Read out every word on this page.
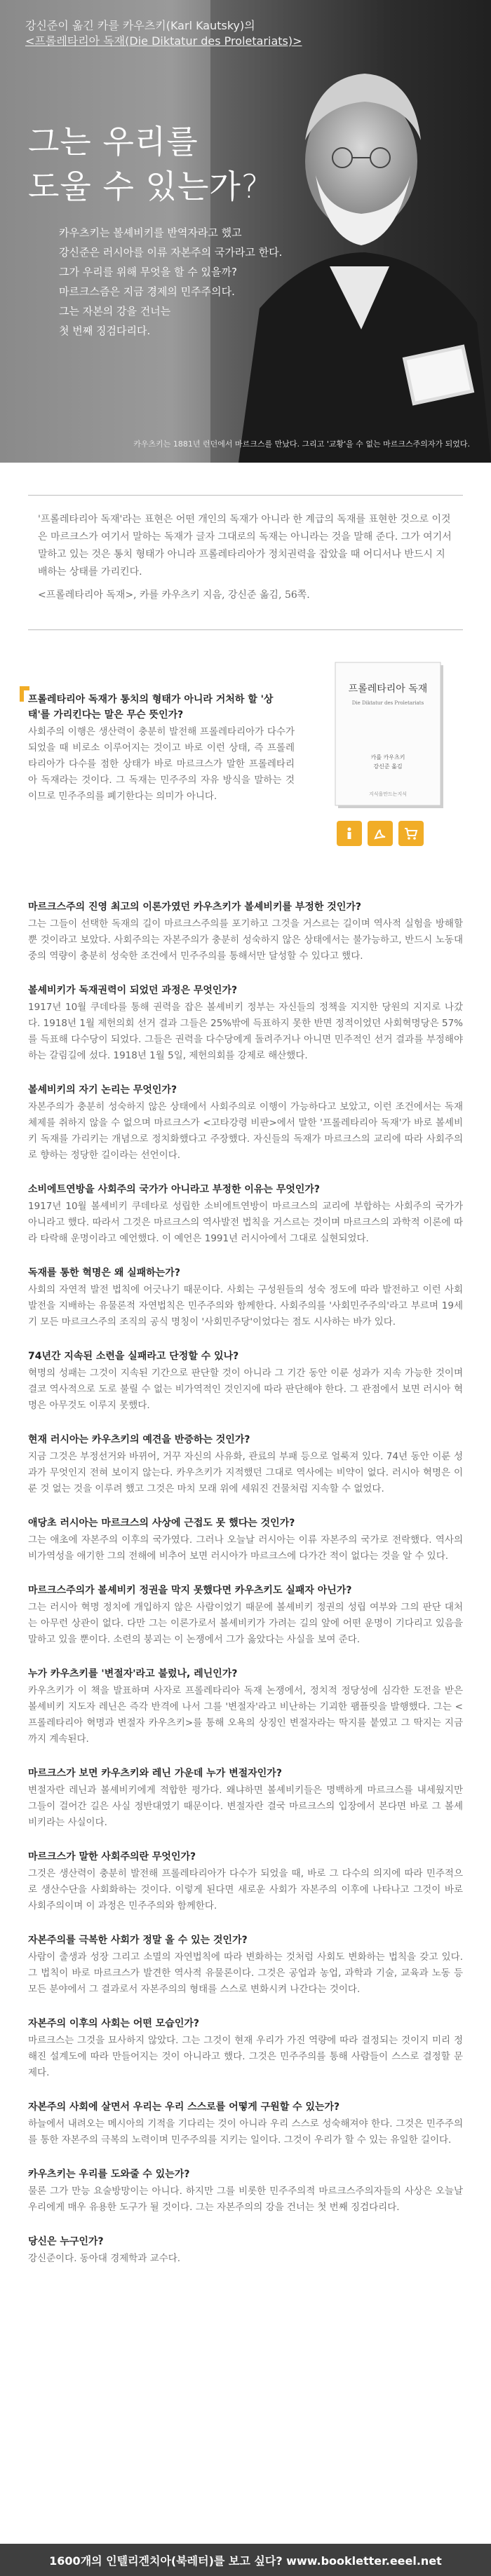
강신준이 옮긴 카를 카우츠키(Karl Kautsky)의
<프롤레타리아 독재(Die Diktatur des Proletariats)>
그는 우리를
도울 수 있는가?
카우츠키는 볼셰비키를 반역자라고 했고
강신준은 러시아를 이류 자본주의 국가라고 한다.
그가 우리를 위해 무엇을 할 수 있을까?
마르크스즘은 지금 경제의 민주주의다.
그는 자본의 강을 건너는
첫 번째 징검다리다.
카우츠키는 1881년 런던에서 마르크스를 만났다. 그리고 '교황'을 수 없는 마르크스주의자가 되었다.

'프롤레타리아 독재'라는 표현은 어떤 개인의 독재가 아니라 한 계급의 독재를 표현한 것으로 이것은 마르크스가 여기서 말하는 독재가 글자 그대로의 독재는 아니라는 것을 말해 준다. 그가 여기서 말하고 있는 것은 통치 형태가 아니라 프롤레타리아가 정치권력을 잡았을 때 어디서나 반드시 지배하는 상태를 가리킨다.

<프롤레타리아 독재>, 카를 카우츠키 지음, 강신준 옮김, 56쪽.

프롤레타리아 독재가 통치의 형태가 아니라 거처하 할 '상태'를 가리킨다는 말은 무슨 뜻인가?
사회주의 이행은 생산력이 충분히 발전해 프롤레타리아가 다수가 되었을 때 비로소 이루어지는 것이고 바로 이런 상태, 즉 프롤레타리아가 다수를 점한 상태가 바로 마르크스가 말한 프롤레타리아 독재라는 것이다. 그 독재는 민주주의 자유 방식을 말하는 것이므로 민주주의를 폐기한다는 의미가 아니다.
프롤레타리아 독재
Die Diktatur des Proletariats
카를 카우츠키
강신준 옮김
지식을만드는지식
마르크스주의 진영 최고의 이론가였던 카우츠키가 볼셰비키를 부정한 것인가?
그는 그들이 선택한 독재의 길이 마르크스주의를 포기하고 그것을 거스르는 길이며 역사적 실험을 방해할 뿐 것이라고 보았다. 사회주의는 자본주의가 충분히 성숙하지 않은 상태에서는 불가능하고, 반드시 노동대중의 역량이 충분히 성숙한 조건에서 민주주의를 통해서만 달성할 수 있다고 했다.
볼셰비키가 독재권력이 되었던 과정은 무엇인가?
1917년 10월 쿠데타를 통해 권력을 잡은 볼셰비키 정부는 자신들의 정책을 지지한 당원의 지지로 나갔다. 1918년 1월 제헌의회 선거 결과 그들은 25%밖에 득표하지 못한 반면 정적이었던 사회혁명당은 57%를 득표해 다수당이 되었다. 그들은 권력을 다수당에게 돌려주거나 아니면 민주적인 선거 결과를 부정해야 하는 갈림길에 섰다. 1918년 1월 5일, 제헌의회를 강제로 해산했다.
볼셰비키의 자기 논리는 무엇인가?
자본주의가 충분히 성숙하지 않은 상태에서 사회주의로 이행이 가능하다고 보았고, 이런 조건에서는 독재 체제를 취하지 않을 수 없으며 마르크스가 <고타강령 비판>에서 말한 '프롤레타리아 독재'가 바로 볼셰비키 독재를 가리키는 개념으로 정치화했다고 주장했다. 자신들의 독재가 마르크스의 교리에 따라 사회주의로 향하는 정당한 길이라는 선언이다.
소비에트연방을 사회주의 국가가 아니라고 부정한 이유는 무엇인가?
1917년 10월 볼셰비키 쿠데타로 성립한 소비에트연방이 마르크스의 교리에 부합하는 사회주의 국가가 아니라고 했다. 따라서 그것은 마르크스의 역사발전 법칙을 거스르는 것이며 마르크스의 과학적 이론에 따라 타락해 운명이라고 예언했다. 이 예언은 1991년 러시아에서 그대로 실현되었다.
독재를 통한 혁명은 왜 실패하는가?
사회의 자연적 발전 법칙에 어긋나기 때문이다. 사회는 구성원들의 성숙 정도에 따라 발전하고 이런 사회 발전을 지배하는 유물론적 자연법칙은 민주주의와 함께한다. 사회주의를 '사회민주주의'라고 부르며 19세기 모든 마르크스주의 조직의 공식 명칭이 '사회민주당'이었다는 점도 시사하는 바가 있다.
74년간 지속된 소련을 실패라고 단정할 수 있나?
혁명의 성패는 그것이 지속된 기간으로 판단할 것이 아니라 그 기간 동안 이룬 성과가 지속 가능한 것이며 결코 역사적으로 도로 불릴 수 없는 비가역적인 것인지에 따라 판단해야 한다. 그 관점에서 보면 러시아 혁명은 아무것도 이루지 못했다.
현재 러시아는 카우츠키의 예견을 반증하는 것인가?
지금 그것은 부정선거와 바뀌어, 거꾸 자신의 사유화, 관료의 부패 등으로 얼룩져 있다. 74년 동안 이룬 성과가 무엇인지 전혀 보이지 않는다. 카우츠키가 지적했던 그대로 역사에는 비약이 없다. 러시아 혁명은 이룬 것 없는 것을 이루려 했고 그것은 마치 모래 위에 세워진 건물처럼 지속할 수 없었다.
애당초 러시아는 마르크스의 사상에 근접도 못 했다는 것인가?
그는 애초에 자본주의 이후의 국가였다. 그러나 오늘날 러시아는 이류 자본주의 국가로 전락했다. 역사의 비가역성을 애기한 그의 전해에 비추어 보면 러시아가 마르크스에 다가간 적이 없다는 것을 알 수 있다.
마르크스주의가 볼셰비키 정권을 막지 못했다면 카우츠키도 실패자 아닌가?
그는 러시아 혁명 정치에 개입하지 않은 사람이었기 때문에 볼셰비키 정권의 성립 여부와 그의 판단 대처는 아무런 상관이 없다. 다만 그는 이론가로서 볼셰비키가 가려는 길의 앞에 어떤 운명이 기다리고 있음을 말하고 있을 뿐이다. 소련의 붕괴는 이 논쟁에서 그가 옳았다는 사실을 보여 준다.
누가 카우츠키를 '변절자'라고 불렀나, 레닌인가?
카우츠키가 이 책을 발표하며 사자로 프롤레타리아 독재 논쟁에서, 정치적 정당성에 심각한 도전을 받은 볼셰비키 지도자 레닌은 즉각 반격에 나서 그를 '변절자'라고 비난하는 기괴한 팸플릿을 발행했다. 그는 <프롤레타리아 혁명과 변절자 카우츠키>를 통해 오욕의 상징인 변절자라는 딱지를 붙였고 그 딱지는 지금까지 계속된다.
마르크스가 보면 카우츠키와 레닌 가운데 누가 변절자인가?
변절자란 레닌과 볼셰비키에게 적합한 평가다. 왜냐하면 볼셰비키들은 명백하게 마르크스를 내세웠지만 그들이 걸어간 길은 사실 정반대였기 때문이다. 변절자란 결국 마르크스의 입장에서 본다면 바로 그 볼셰비키라는 사실이다.
마르크스가 말한 사회주의란 무엇인가?
그것은 생산력이 충분히 발전해 프롤레타리아가 다수가 되었을 때, 바로 그 다수의 의지에 따라 민주적으로 생산수단을 사회화하는 것이다. 이렇게 된다면 새로운 사회가 자본주의 이후에 나타나고 그것이 바로 사회주의이며 이 과정은 민주주의와 함께한다.
자본주의를 극복한 사회가 정말 올 수 있는 것인가?
사람이 출생과 성장 그리고 소멸의 자연법칙에 따라 변화하는 것처럼 사회도 변화하는 법칙을 갖고 있다. 그 법칙이 바로 마르크스가 발견한 역사적 유물론이다. 그것은 공업과 농업, 과학과 기술, 교육과 노동 등 모든 분야에서 그 결과로서 자본주의의 형태를 스스로 변화시켜 나간다는 것이다.
자본주의 이후의 사회는 어떤 모습인가?
마르크스는 그것을 묘사하지 않았다. 그는 그것이 현재 우리가 가진 역량에 따라 결정되는 것이지 미리 정해진 설계도에 따라 만들어지는 것이 아니라고 했다. 그것은 민주주의를 통해 사람들이 스스로 결정할 문제다.
자본주의 사회에 살면서 우리는 우리 스스로를 어떻게 구원할 수 있는가?
하늘에서 내려오는 메시아의 기적을 기다리는 것이 아니라 우리 스스로 성숙해져야 한다. 그것은 민주주의를 통한 자본주의 극복의 노력이며 민주주의를 지키는 일이다. 그것이 우리가 할 수 있는 유일한 길이다.
카우츠키는 우리를 도와줄 수 있는가?
물론 그가 만능 요술방망이는 아니다. 하지만 그를 비롯한 민주주의적 마르크스주의자들의 사상은 오늘날 우리에게 매우 유용한 도구가 될 것이다. 그는 자본주의의 강을 건너는 첫 번째 징검다리다.
당신은 누구인가?
강신준이다. 동아대 경제학과 교수다.
1600개의 인텔리겐치아(북레터)를 보고 싶다? www.bookletter.eeel.net
